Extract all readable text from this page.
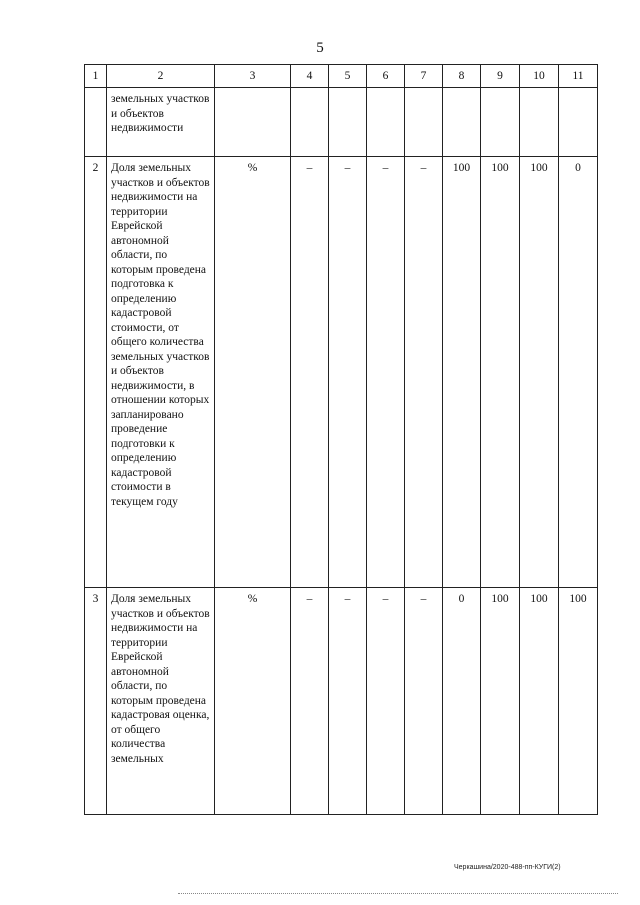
5
1	2	3	4	5	6	7	8	9	10	11
	земельных участков и объектов недвижимости									
2	Доля земельных участков и объектов недвижимости на территории Еврейской автономной области, по которым проведена подготовка к определению кадастровой стоимости, от общего количества земельных участков и объектов недвижимости, в отношении которых запланировано проведение подготовки к определению кадастровой стоимости в текущем году	%	–	–	–	–	100	100	100	0
3	Доля земельных участков и объектов недвижимости на территории Еврейской автономной области, по которым проведена кадастровая оценка, от общего количества земельных	%	–	–	–	–	0	100	100	100
Черкашина/2020-488-пп-КУГИ(2)
